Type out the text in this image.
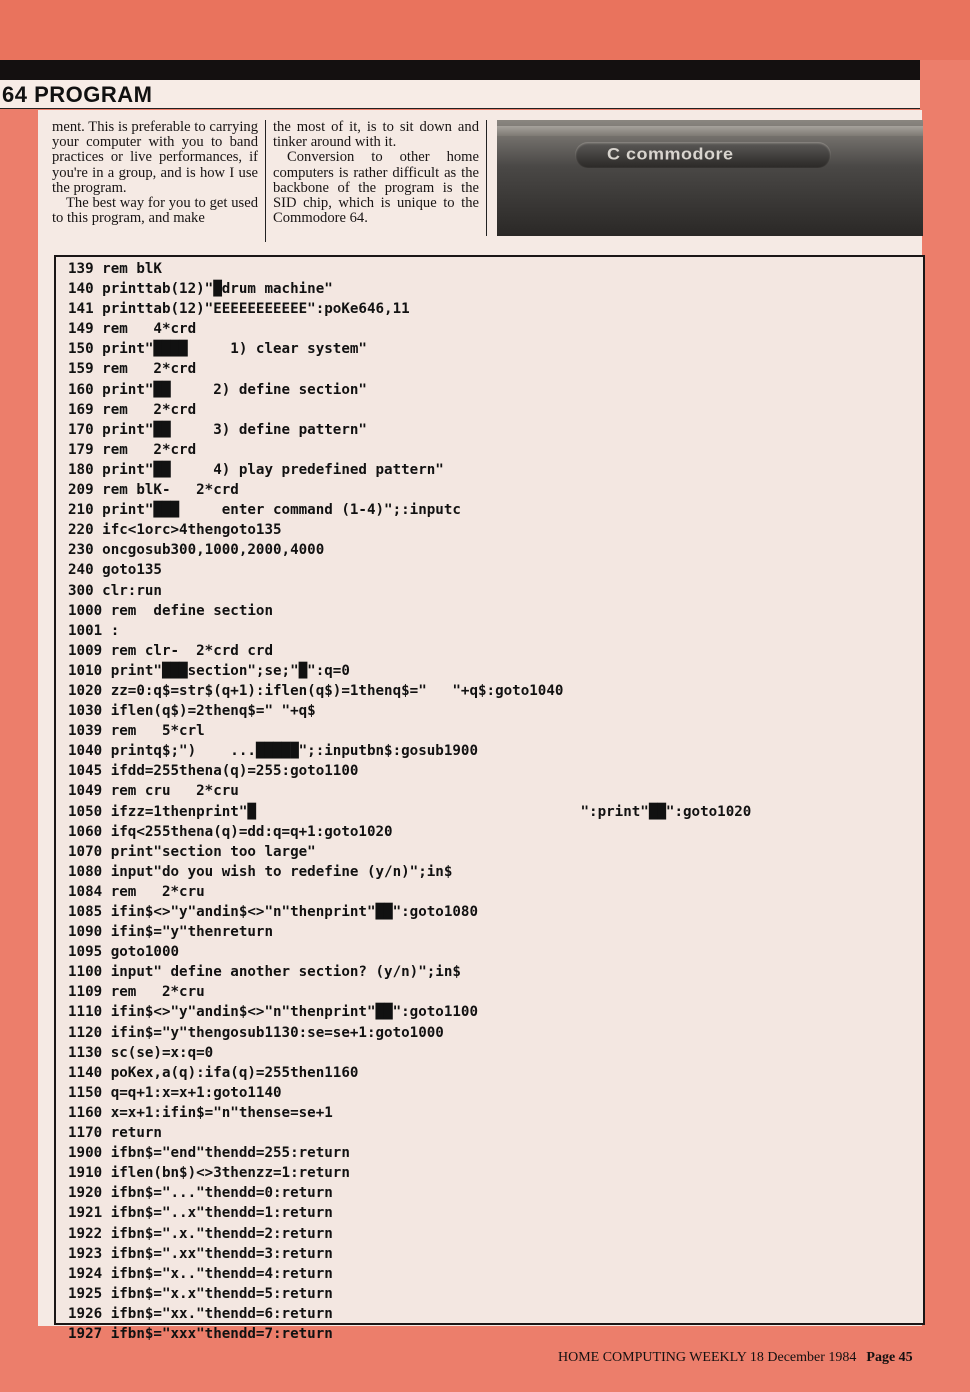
64 PROGRAM

ment. This is preferable to carrying your computer with you to band practices or live performances, if you're in a group, and is how I use the program.

The best way for you to get used to this program, and make

the most of it, is to sit down and tinker around with it.

Conversion to other home computers is rather difficult as the backbone of the program is the SID chip, which is unique to the Commodore 64.

C commodore
139 rem blK
140 printtab(12)"█drum machine"
141 printtab(12)"EEEEEEEEEEE":poKe646,11
149 rem   4*crd
150 print"████     1) clear system"
159 rem   2*crd
160 print"██     2) define section"
169 rem   2*crd
170 print"██     3) define pattern"
179 rem   2*crd
180 print"██     4) play predefined pattern"
209 rem blK-   2*crd
210 print"███     enter command (1-4)";:inputc
220 ifc<1orc>4thengoto135
230 oncgosub300,1000,2000,4000
240 goto135
300 clr:run
1000 rem  define section
1001 :
1009 rem clr-  2*crd crd
1010 print"███section";se;"█":q=0
1020 zz=0:q$=str$(q+1):iflen(q$)=1thenq$="   "+q$:goto1040
1030 iflen(q$)=2thenq$=" "+q$
1039 rem   5*crl
1040 printq$;")    ...█████";:inputbn$:gosub1900
1045 ifdd=255thena(q)=255:goto1100
1049 rem cru   2*cru
1050 ifzz=1thenprint"█                                      ":print"██":goto1020
1060 ifq<255thena(q)=dd:q=q+1:goto1020
1070 print"section too large"
1080 input"do you wish to redefine (y/n)";in$
1084 rem   2*cru
1085 ifin$<>"y"andin$<>"n"thenprint"██":goto1080
1090 ifin$="y"thenreturn
1095 goto1000
1100 input" define another section? (y/n)";in$
1109 rem   2*cru
1110 ifin$<>"y"andin$<>"n"thenprint"██":goto1100
1120 ifin$="y"thengosub1130:se=se+1:goto1000
1130 sc(se)=x:q=0
1140 poKex,a(q):ifa(q)=255then1160
1150 q=q+1:x=x+1:goto1140
1160 x=x+1:ifin$="n"thense=se+1
1170 return
1900 ifbn$="end"thendd=255:return
1910 iflen(bn$)<>3thenzz=1:return
1920 ifbn$="..."thendd=0:return
1921 ifbn$="..x"thendd=1:return
1922 ifbn$=".x."thendd=2:return
1923 ifbn$=".xx"thendd=3:return
1924 ifbn$="x.."thendd=4:return
1925 ifbn$="x.x"thendd=5:return
1926 ifbn$="xx."thendd=6:return
1927 ifbn$="xxx"thendd=7:return
HOME COMPUTING WEEKLY 18 December 1984 Page 45
